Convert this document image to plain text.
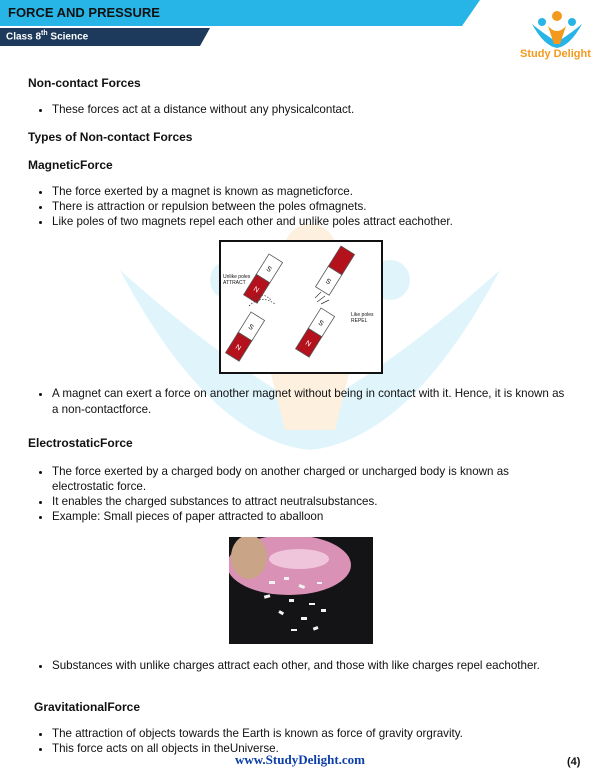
FORCE AND PRESSURE
Class 8th Science
Study Delight
Non-contact Forces
• These forces act at a distance without any physicalcontact.
Types of Non-contact Forces
MagneticForce
• The force exerted by a magnet is known as magneticforce.
• There is attraction or repulsion between the poles ofmagnets.
• Like poles of two magnets repel each other and unlike poles attract eachother.
• A magnet can exert a force on another magnet without being in contact with it. Hence, it is known as a non-contactforce.
ElectrostaticForce
• The force exerted by a charged body on another charged or uncharged body is known as electrostatic force.
• It enables the charged substances to attract neutralsubstances.
• Example: Small pieces of paper attracted to aballoon
• Substances with unlike charges attract each other, and those with like charges repel eachother.
GravitationalForce
• The attraction of objects towards the Earth is known as force of gravity orgravity.
• This force acts on all objects in theUniverse.
S
N
S
N
S
S
N
Unlike poles ATTRACT
Like poles REPEL
www.StudyDelight.com	(4)
